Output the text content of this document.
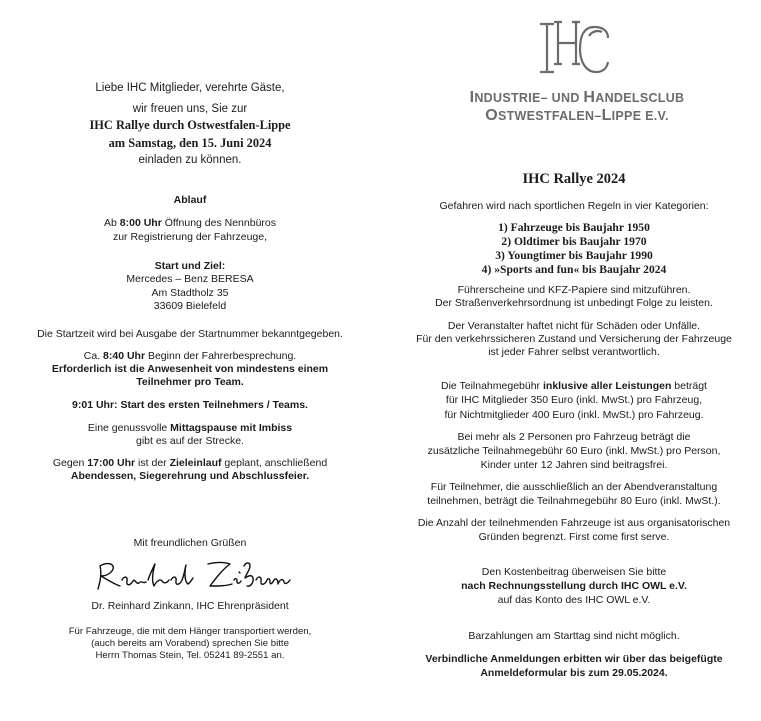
Liebe IHC Mitglieder, verehrte Gäste,

wir freuen uns, Sie zur

IHC Rallye durch Ostwestfalen-Lippe

am Samstag, den 15. Juni 2024

einladen zu können.

Ablauf

Ab 8:00 Uhr Öffnung des Nennbüros

zur Registrierung der Fahrzeuge,

Start und Ziel:

Mercedes – Benz BERESA

Am Stadtholz 35

33609 Bielefeld

Die Startzeit wird bei Ausgabe der Startnummer bekanntgegeben.

Ca. 8:40 Uhr Beginn der Fahrerbesprechung.

Erforderlich ist die Anwesenheit von mindestens einem

Teilnehmer pro Team.

9:01 Uhr: Start des ersten Teilnehmers / Teams.

Eine genussvolle Mittagspause mit Imbiss

gibt es auf der Strecke.

Gegen 17:00 Uhr ist der Zieleinlauf geplant, anschließend

Abendessen, Siegerehrung und Abschlussfeier.

Mit freundlichen Grüßen

Dr. Reinhard Zinkann, IHC Ehrenpräsident

Für Fahrzeuge, die mit dem Hänger transportiert werden,

(auch bereits am Vorabend) sprechen Sie bitte

Herrn Thomas Stein, Tel. 05241 89-2551 an.

INDUSTRIE– UND HANDELSCLUB
OSTWESTFALEN–LIPPE E.V.

IHC Rallye 2024

Gefahren wird nach sportlichen Regeln in vier Kategorien:

1) Fahrzeuge bis Baujahr 1950

2) Oldtimer bis Baujahr 1970

3) Youngtimer bis Baujahr 1990

4) »Sports and fun« bis Baujahr 2024

Führerscheine und KFZ-Papiere sind mitzuführen.

Der Straßenverkehrsordnung ist unbedingt Folge zu leisten.

Der Veranstalter haftet nicht für Schäden oder Unfälle.

Für den verkehrssicheren Zustand und Versicherung der Fahrzeuge

ist jeder Fahrer selbst verantwortlich.

Die Teilnahmegebühr inklusive aller Leistungen beträgt

für IHC Mitglieder 350 Euro (inkl. MwSt.) pro Fahrzeug,

für Nichtmitglieder 400 Euro (inkl. MwSt.) pro Fahrzeug.

Bei mehr als 2 Personen pro Fahrzeug beträgt die

zusätzliche Teilnahmegebühr 60 Euro (inkl. MwSt.) pro Person,

Kinder unter 12 Jahren sind beitragsfrei.

Für Teilnehmer, die ausschließlich an der Abendveranstaltung

teilnehmen, beträgt die Teilnahmegebühr 80 Euro (inkl. MwSt.).

Die Anzahl der teilnehmenden Fahrzeuge ist aus organisatorischen

Gründen begrenzt. First come first serve.

Den Kostenbeitrag überweisen Sie bitte

nach Rechnungsstellung durch IHC OWL e.V.

auf das Konto des IHC OWL e.V.

Barzahlungen am Starttag sind nicht möglich.

Verbindliche Anmeldungen erbitten wir über das beigefügte

Anmeldeformular bis zum 29.05.2024.
